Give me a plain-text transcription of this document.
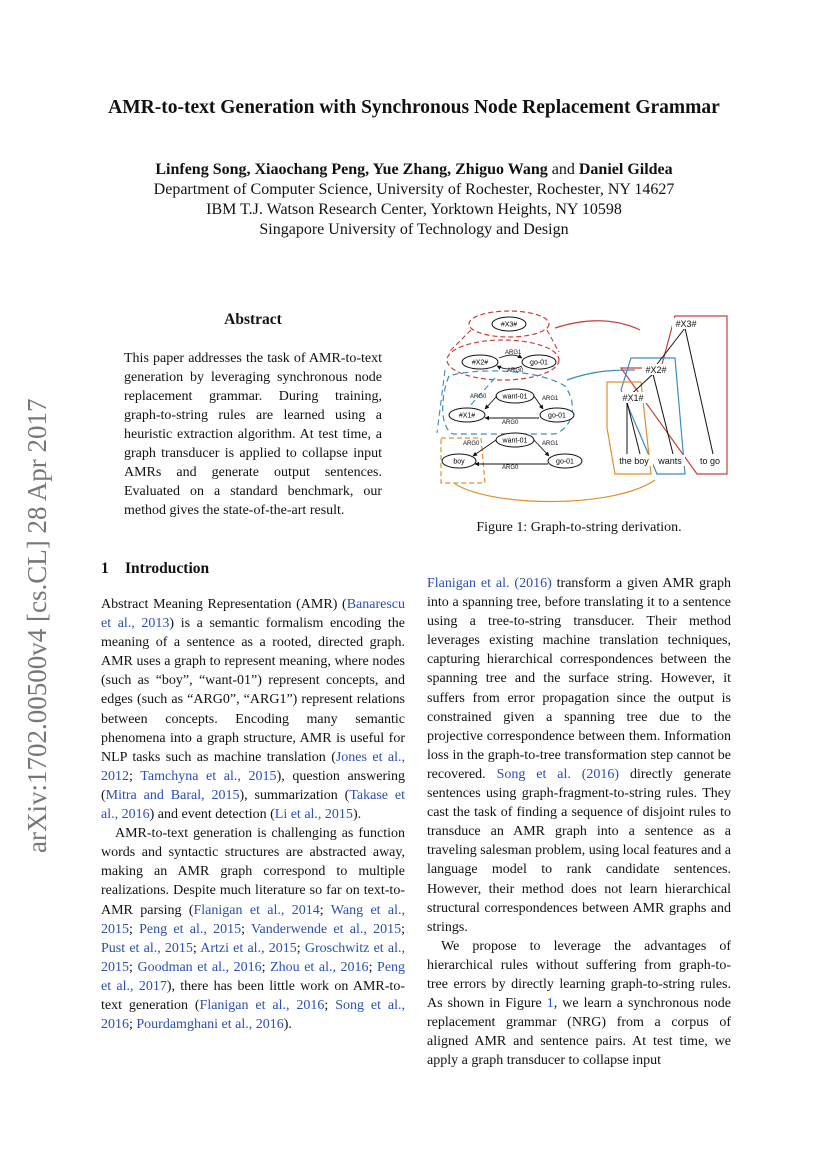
arXiv:1702.00500v4 [cs.CL] 28 Apr 2017
AMR-to-text Generation with Synchronous Node Replacement Grammar
Linfeng Song, Xiaochang Peng, Yue Zhang, Zhiguo Wang and Daniel Gildea
Department of Computer Science, University of Rochester, Rochester, NY 14627
IBM T.J. Watson Research Center, Yorktown Heights, NY 10598
Singapore University of Technology and Design
Abstract
This paper addresses the task of AMR-to-text generation by leveraging synchronous node replacement grammar. During training, graph-to-string rules are learned using a heuristic extraction algorithm. At test time, a graph transducer is applied to collapse input AMRs and generate output sentences. Evaluated on a standard benchmark, our method gives the state-of-the-art result.
1 Introduction

Abstract Meaning Representation (AMR) (Banarescu et al., 2013) is a semantic formalism encoding the meaning of a sentence as a rooted, directed graph. AMR uses a graph to represent meaning, where nodes (such as “boy”, “want-01”) represent concepts, and edges (such as “ARG0”, “ARG1”) represent relations between concepts. Encoding many semantic phenomena into a graph structure, AMR is useful for NLP tasks such as machine translation (Jones et al., 2012; Tamchyna et al., 2015), question answering (Mitra and Baral, 2015), summarization (Takase et al., 2016) and event detection (Li et al., 2015).

AMR-to-text generation is challenging as function words and syntactic structures are abstracted away, making an AMR graph correspond to multiple realizations. Despite much literature so far on text-to-AMR parsing (Flanigan et al., 2014; Wang et al., 2015; Peng et al., 2015; Vanderwende et al., 2015; Pust et al., 2015; Artzi et al., 2015; Groschwitz et al., 2015; Goodman et al., 2016; Zhou et al., 2016; Peng et al., 2017), there has been little work on AMR-to-text generation (Flanigan et al., 2016; Song et al., 2016; Pourdamghani et al., 2016).

Flanigan et al. (2016) transform a given AMR graph into a spanning tree, before translating it to a sentence using a tree-to-string transducer. Their method leverages existing machine translation techniques, capturing hierarchical correspondences between the spanning tree and the surface string. However, it suffers from error propagation since the output is constrained given a spanning tree due to the projective correspondence between them. Information loss in the graph-to-tree transformation step cannot be recovered. Song et al. (2016) directly generate sentences using graph-fragment-to-string rules. They cast the task of finding a sequence of disjoint rules to transduce an AMR graph into a sentence as a traveling salesman problem, using local features and a language model to rank candidate sentences. However, their method does not learn hierarchical structural correspondences between AMR graphs and strings.

We propose to leverage the advantages of hierarchical rules without suffering from graph-to-tree errors by directly learning graph-to-string rules. As shown in Figure 1, we learn a synchronous node replacement grammar (NRG) from a corpus of aligned AMR and sentence pairs. At test time, we apply a graph transducer to collapse input

#X3#
#X2#	go-01
want-01
#X1#	go-01
want-01
boy	go-01
ARG1
ARG0
ARG0	ARG1
ARG0
ARG0	ARG1
ARG0
#X3#
#X2#
#X1#
the boy wants to go
Figure 1: Graph-to-string derivation.
